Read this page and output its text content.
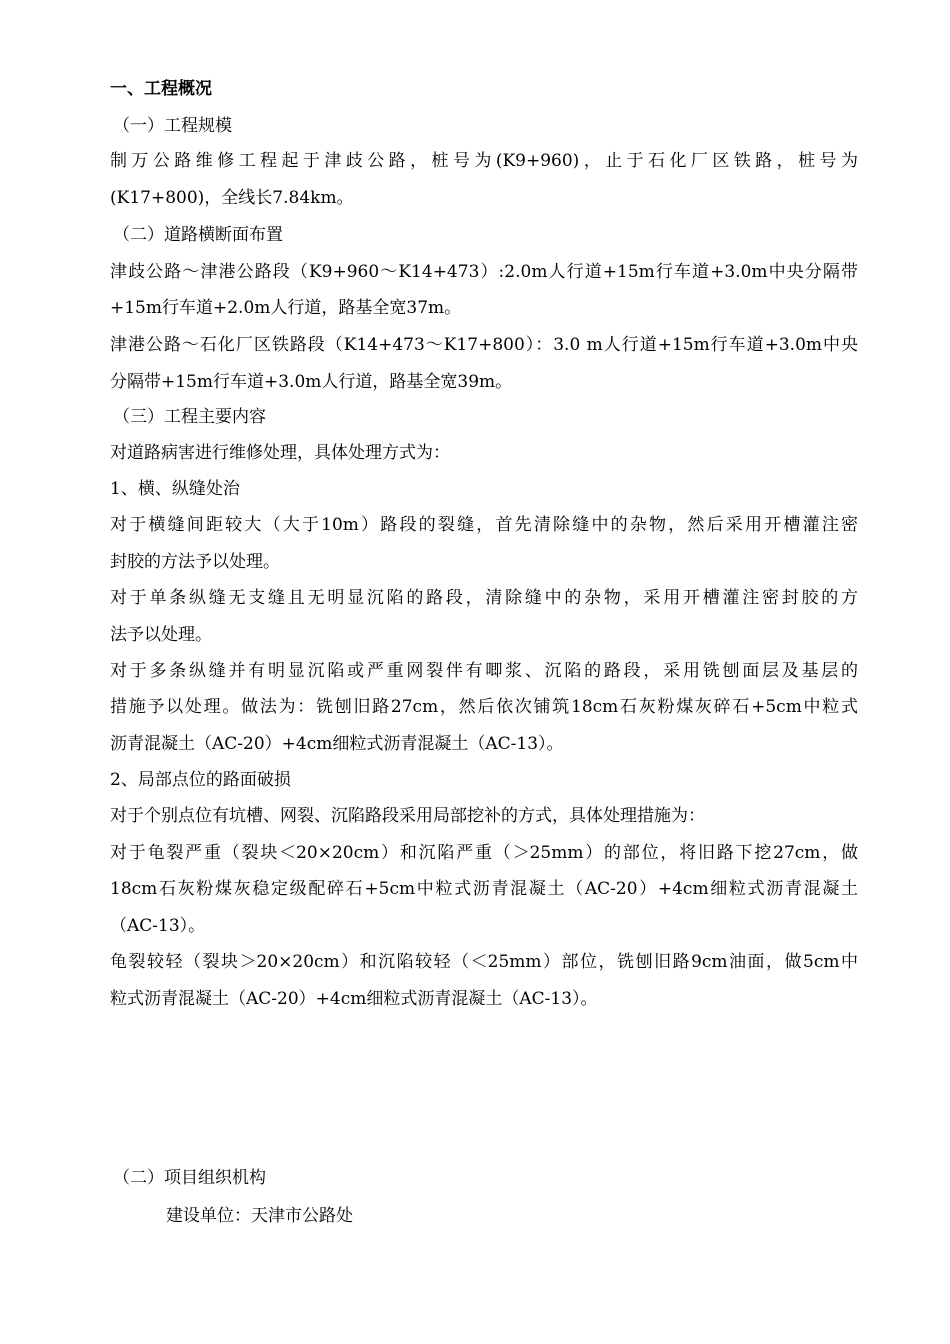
一、工程概况
（一）工程规模
制万公路维修工程起于津歧公路，桩号为(K9+960)，止于石化厂区铁路，桩号为
(K17+800)，全线长7.84km。
（二）道路横断面布置
津歧公路～津港公路段（K9+960～K14+473）:2.0m人行道+15m行车道+3.0m中央分隔带
+15m行车道+2.0m人行道，路基全宽37m。
津港公路～石化厂区铁路段（K14+473～K17+800）：3.0 m人行道+15m行车道+3.0m中央
分隔带+15m行车道+3.0m人行道，路基全宽39m。
（三）工程主要内容
对道路病害进行维修处理，具体处理方式为：
1、横、纵缝处治
对于横缝间距较大（大于10m）路段的裂缝，首先清除缝中的杂物，然后采用开槽灌注密
封胶的方法予以处理。
对于单条纵缝无支缝且无明显沉陷的路段，清除缝中的杂物，采用开槽灌注密封胶的方
法予以处理。
对于多条纵缝并有明显沉陷或严重网裂伴有唧浆、沉陷的路段，采用铣刨面层及基层的
措施予以处理。做法为：铣刨旧路27cm，然后依次铺筑18cm石灰粉煤灰碎石+5cm中粒式
沥青混凝土（AC-20）+4cm细粒式沥青混凝土（AC-13）。
2、局部点位的路面破损
对于个别点位有坑槽、网裂、沉陷路段采用局部挖补的方式，具体处理措施为：
对于龟裂严重（裂块＜20×20cm）和沉陷严重（＞25mm）的部位，将旧路下挖27cm，做
18cm石灰粉煤灰稳定级配碎石+5cm中粒式沥青混凝土（AC-20）+4cm细粒式沥青混凝土
（AC-13）。
龟裂较轻（裂块＞20×20cm）和沉陷较轻（＜25mm）部位，铣刨旧路9cm油面，做5cm中
粒式沥青混凝土（AC-20）+4cm细粒式沥青混凝土（AC-13）。
（二）项目组织机构
建设单位：天津市公路处
